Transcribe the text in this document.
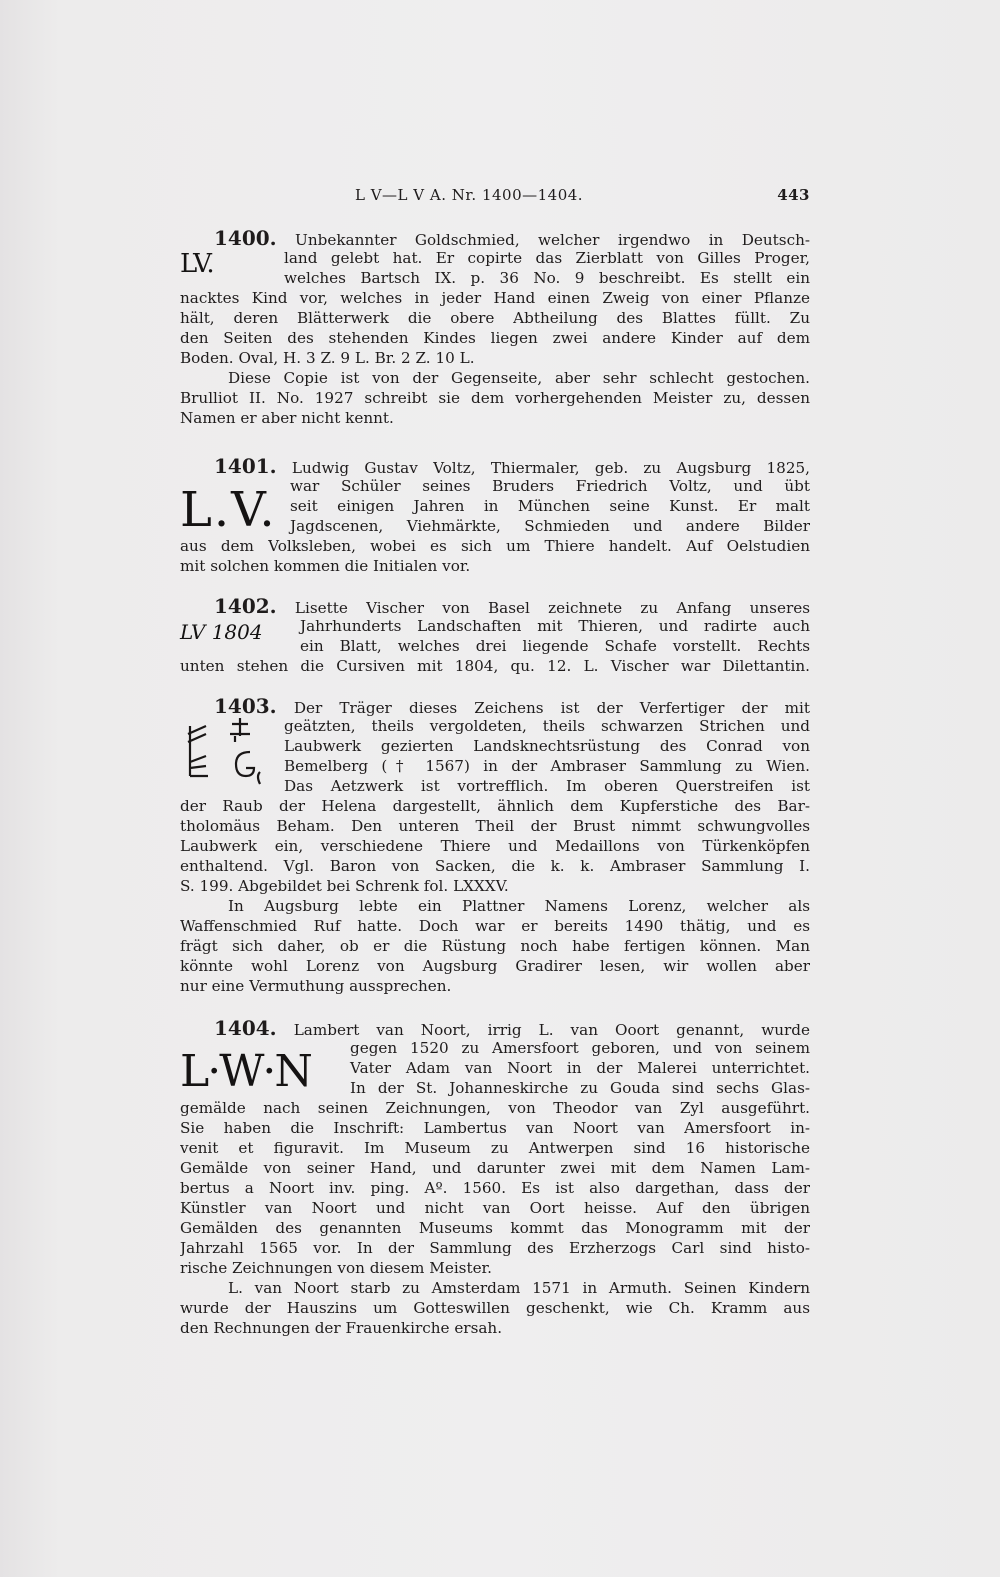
L V—L V A. Nr. 1400—1404.	443
LV.
1400. Unbekannter Goldschmied, welcher irgendwo in Deutsch-
land gelebt hat. Er copirte das Zierblatt von Gilles Proger,
welches Bartsch IX. p. 36 No. 9 beschreibt. Es stellt ein
nacktes Kind vor, welches in jeder Hand einen Zweig von einer Pflanze
hält, deren Blätterwerk die obere Abtheilung des Blattes füllt. Zu
den Seiten des stehenden Kindes liegen zwei andere Kinder auf dem
Boden. Oval, H. 3 Z. 9 L. Br. 2 Z. 10 L.
Diese Copie ist von der Gegenseite, aber sehr schlecht gestochen.
Brulliot II. No. 1927 schreibt sie dem vorhergehenden Meister zu, dessen
Namen er aber nicht kennt.
L.V.
1401. Ludwig Gustav Voltz, Thiermaler, geb. zu Augsburg 1825,
war Schüler seines Bruders Friedrich Voltz, und übt
seit einigen Jahren in München seine Kunst. Er malt
Jagdscenen, Viehmärkte, Schmieden und andere Bilder
aus dem Volksleben, wobei es sich um Thiere handelt. Auf Oelstudien
mit solchen kommen die Initialen vor.
LV 1804
1402. Lisette Vischer von Basel zeichnete zu Anfang unseres
Jahrhunderts Landschaften mit Thieren, und radirte auch
ein Blatt, welches drei liegende Schafe vorstellt. Rechts
unten stehen die Cursiven mit 1804, qu. 12. L. Vischer war Dilettantin.
1403. Der Träger dieses Zeichens ist der Verfertiger der mit
geätzten, theils vergoldeten, theils schwarzen Strichen und
Laubwerk gezierten Landsknechtsrüstung des Conrad von
Bemelberg († 1567) in der Ambraser Sammlung zu Wien.
Das Aetzwerk ist vortrefflich. Im oberen Querstreifen ist
der Raub der Helena dargestellt, ähnlich dem Kupferstiche des Bar-
tholomäus Beham. Den unteren Theil der Brust nimmt schwungvolles
Laubwerk ein, verschiedene Thiere und Medaillons von Türkenköpfen
enthaltend. Vgl. Baron von Sacken, die k. k. Ambraser Sammlung I.
S. 199. Abgebildet bei Schrenk fol. LXXXV.
In Augsburg lebte ein Plattner Namens Lorenz, welcher als
Waffenschmied Ruf hatte. Doch war er bereits 1490 thätig, und es
frägt sich daher, ob er die Rüstung noch habe fertigen können. Man
könnte wohl Lorenz von Augsburg Gradirer lesen, wir wollen aber
nur eine Vermuthung aussprechen.
L·W·N
1404. Lambert van Noort, irrig L. van Ooort genannt, wurde
gegen 1520 zu Amersfoort geboren, und von seinem
Vater Adam van Noort in der Malerei unterrichtet.
In der St. Johanneskirche zu Gouda sind sechs Glas-
gemälde nach seinen Zeichnungen, von Theodor van Zyl ausgeführt.
Sie haben die Inschrift: Lambertus van Noort van Amersfoort in-
venit et figuravit. Im Museum zu Antwerpen sind 16 historische
Gemälde von seiner Hand, und darunter zwei mit dem Namen Lam-
bertus a Noort inv. ping. Aº. 1560. Es ist also dargethan, dass der
Künstler van Noort und nicht van Oort heisse. Auf den übrigen
Gemälden des genannten Museums kommt das Monogramm mit der
Jahrzahl 1565 vor. In der Sammlung des Erzherzogs Carl sind histo-
rische Zeichnungen von diesem Meister.
L. van Noort starb zu Amsterdam 1571 in Armuth. Seinen Kindern
wurde der Hauszins um Gotteswillen geschenkt, wie Ch. Kramm aus
den Rechnungen der Frauenkirche ersah.
